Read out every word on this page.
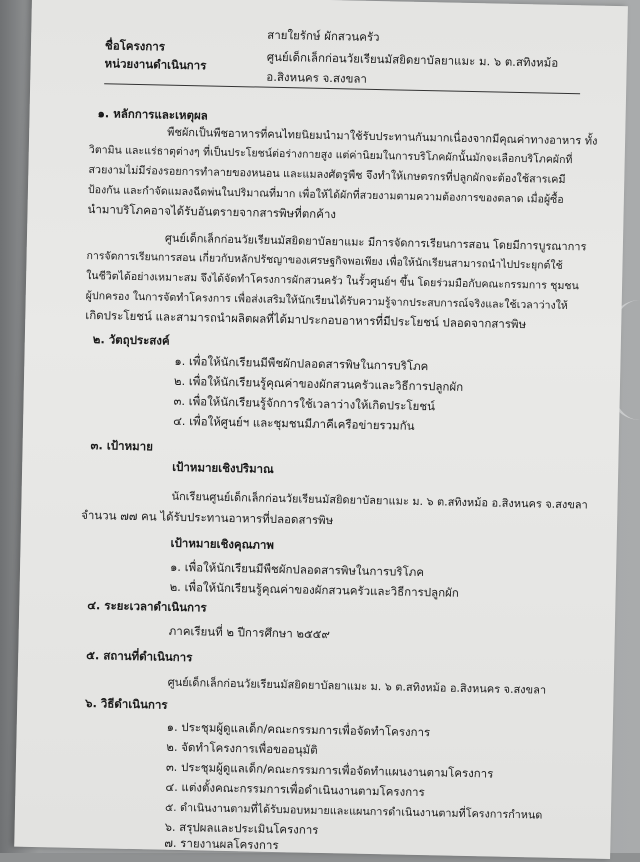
ชื่อโครงการ
สายใยรักษ์ ผักสวนครัว
หน่วยงานดำเนินการ	ศูนย์เด็กเล็กก่อนวัยเรียนมัสยิดยาบัลยาแมะ ม. ๖ ต.สทิงหม้อ
อ.สิงหนคร จ.สงขลา
๑. หลักการและเหตุผล
พืชผักเป็นพืชอาหารที่คนไทยนิยมนำมาใช้รับประทานกันมากเนื่องจากมีคุณค่าทางอาหาร ทั้ง
วิตามิน และแร่ธาตุต่างๆ ที่เป็นประโยชน์ต่อร่างกายสูง แต่ค่านิยมในการบริโภคผักนั้นมักจะเลือกบริโภคผักที่
สวยงามไม่มีร่องรอยการทำลายของหนอน และแมลงศัตรูพืช จึงทำให้เกษตรกรที่ปลูกผักจะต้องใช้สารเคมี
ป้องกัน และกำจัดแมลงฉีดพ่นในปริมาณที่มาก เพื่อให้ได้ผักที่สวยงามตามความต้องการของตลาด เมื่อผู้ซื้อ
นำมาบริโภคอาจได้รับอันตรายจากสารพิษที่ตกค้าง
ศูนย์เด็กเล็กก่อนวัยเรียนมัสยิดยาบัลยาแมะ มีการจัดการเรียนการสอน โดยมีการบูรณาการ
การจัดการเรียนการสอน เกี่ยวกับหลักปรัชญาของเศรษฐกิจพอเพียง เพื่อให้นักเรียนสามารถนำไปประยุกต์ใช้
ในชีวิตได้อย่างเหมาะสม จึงได้จัดทำโครงการผักสวนครัว ในรั้วศูนย์ฯ ขึ้น โดยร่วมมือกับคณะกรรมการ ชุมชน
ผู้ปกครอง ในการจัดทำโครงการ เพื่อส่งเสริมให้นักเรียนได้รับความรู้จากประสบการณ์จริงและใช้เวลาว่างให้
เกิดประโยชน์ และสามารถนำผลิตผลที่ได้มาประกอบอาหารที่มีประโยชน์ ปลอดจากสารพิษ
๒. วัตถุประสงค์
๑. เพื่อให้นักเรียนมีพืชผักปลอดสารพิษในการบริโภค
๒. เพื่อให้นักเรียนรู้คุณค่าของผักสวนครัวและวิธีการปลูกผัก
๓. เพื่อให้นักเรียนรู้จักการใช้เวลาว่างให้เกิดประโยชน์
๔. เพื่อให้ศูนย์ฯ และชุมชนมีภาคีเครือข่ายรวมกัน
๓. เป้าหมาย
เป้าหมายเชิงปริมาณ
นักเรียนศูนย์เด็กเล็กก่อนวัยเรียนมัสยิดยาบัลยาแมะ ม. ๖ ต.สทิงหม้อ อ.สิงหนคร จ.สงขลา
จำนวน ๗๗ คน ได้รับประทานอาหารที่ปลอดสารพิษ
เป้าหมายเชิงคุณภาพ
๑. เพื่อให้นักเรียนมีพืชผักปลอดสารพิษในการบริโภค
๒. เพื่อให้นักเรียนรู้คุณค่าของผักสวนครัวและวิธีการปลูกผัก
๔. ระยะเวลาดำเนินการ
ภาคเรียนที่ ๒ ปีการศึกษา ๒๕๕๙
๕. สถานที่ดำเนินการ
ศูนย์เด็กเล็กก่อนวัยเรียนมัสยิดยาบัลยาแมะ ม. ๖ ต.สทิงหม้อ อ.สิงหนคร จ.สงขลา
๖. วิธีดำเนินการ
๑. ประชุมผู้ดูแลเด็ก/คณะกรรมการเพื่อจัดทำโครงการ
๒. จัดทำโครงการเพื่อขออนุมัติ
๓. ประชุมผู้ดูแลเด็ก/คณะกรรมการเพื่อจัดทำแผนงานตามโครงการ
๔. แต่งตั้งคณะกรรมการเพื่อดำเนินงานตามโครงการ
๕. ดำเนินงานตามที่ได้รับมอบหมายและแผนการดำเนินงานตามที่โครงการกำหนด
๖. สรุปผลและประเมินโครงการ
๗. รายงานผลโครงการ
